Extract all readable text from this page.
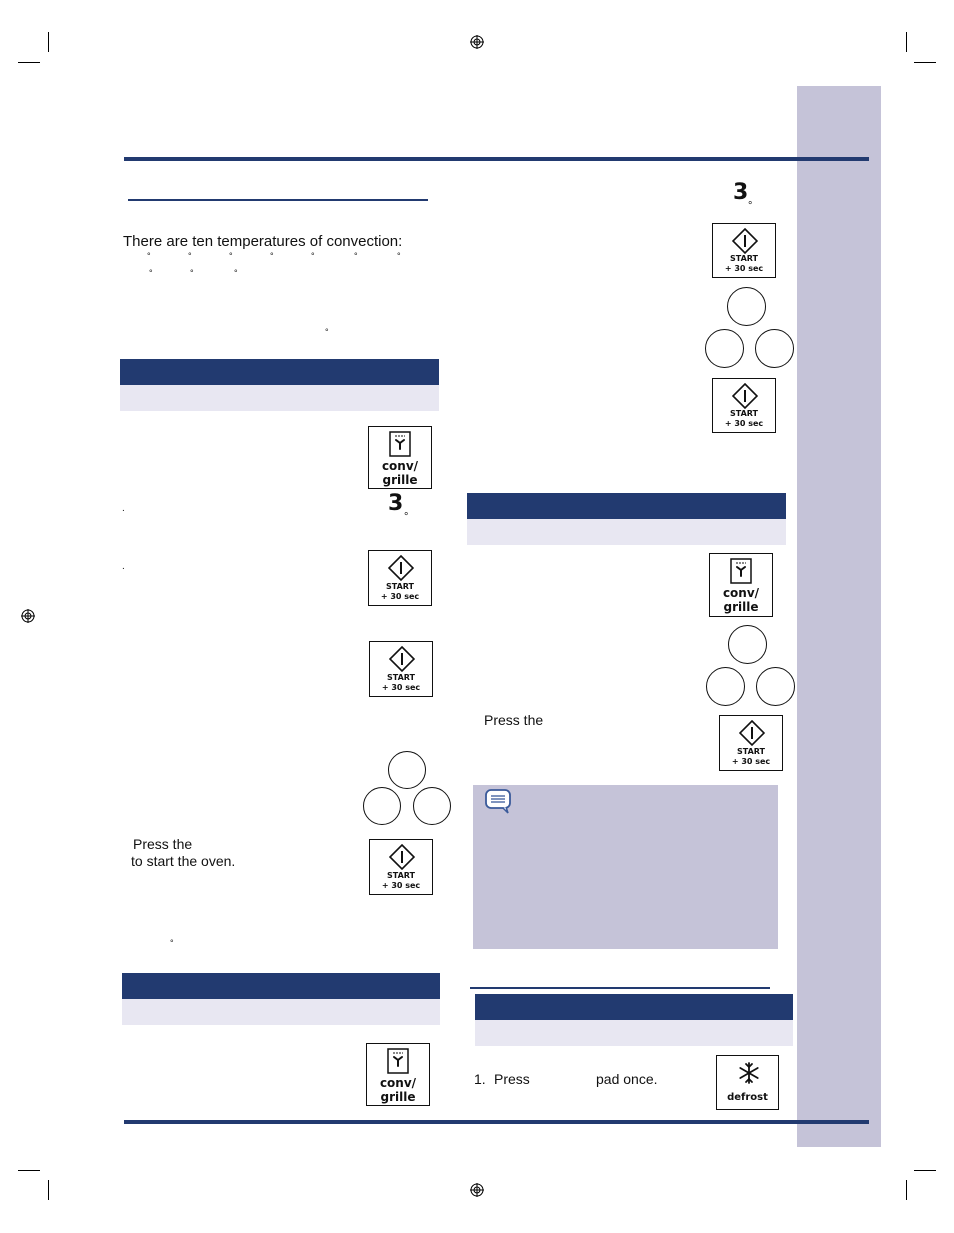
There are ten temperatures of convection:
°	°	°	°	°	°	°
°	°	°
°
conv/
grille
.	3
°
.
START
+ 30 sec
START
+ 30 sec
Press the
to start the oven.
START
+ 30 sec
°
conv/
grille
3
°
START
+ 30 sec
START
+ 30 sec
conv/
grille
Press the
START
+ 30 sec
1. Press	pad once.
defrost
